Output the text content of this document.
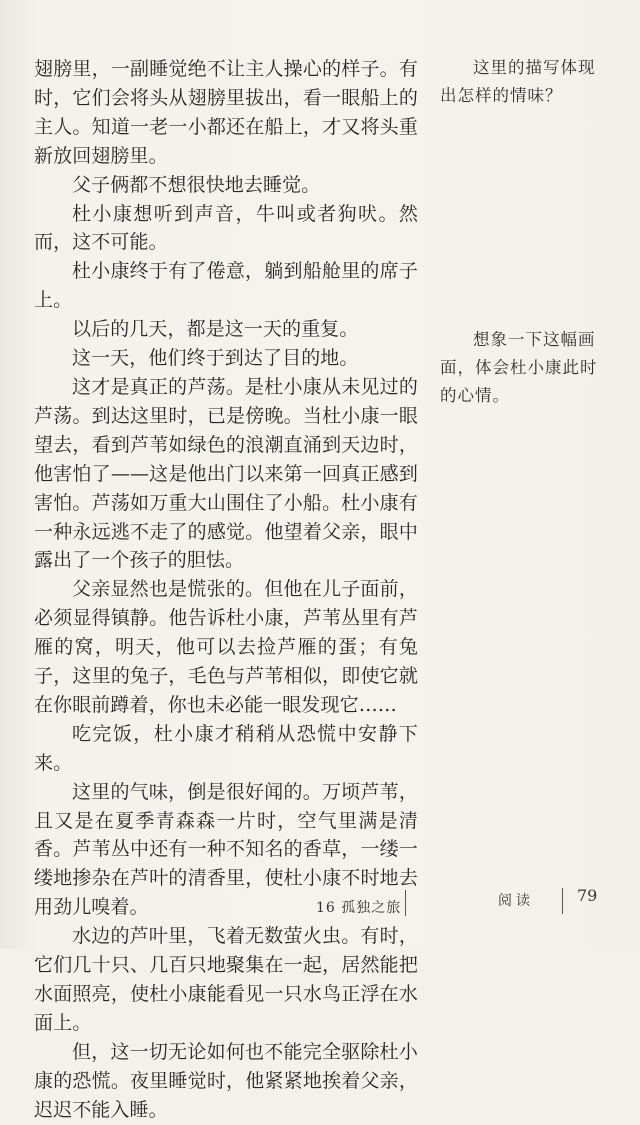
翅膀里，一副睡觉绝不让主人操心的样子。有时，它们会将头从翅膀里拔出，看一眼船上的主人。知道一老一小都还在船上，才又将头重新放回翅膀里。

父子俩都不想很快地去睡觉。

杜小康想听到声音，牛叫或者狗吠。然而，这不可能。

杜小康终于有了倦意，躺到船舱里的席子上。

以后的几天，都是这一天的重复。

这一天，他们终于到达了目的地。

这才是真正的芦荡。是杜小康从未见过的芦荡。到达这里时，已是傍晚。当杜小康一眼望去，看到芦苇如绿色的浪潮直涌到天边时，他害怕了——这是他出门以来第一回真正感到害怕。芦荡如万重大山围住了小船。杜小康有一种永远逃不走了的感觉。他望着父亲，眼中露出了一个孩子的胆怯。

父亲显然也是慌张的。但他在儿子面前，必须显得镇静。他告诉杜小康，芦苇丛里有芦雁的窝，明天，他可以去捡芦雁的蛋；有兔子，这里的兔子，毛色与芦苇相似，即使它就在你眼前蹲着，你也未必能一眼发现它……

吃完饭，杜小康才稍稍从恐慌中安静下来。

这里的气味，倒是很好闻的。万顷芦苇，且又是在夏季青森森一片时，空气里满是清香。芦苇丛中还有一种不知名的香草，一缕一缕地掺杂在芦叶的清香里，使杜小康不时地去用劲儿嗅着。

水边的芦叶里，飞着无数萤火虫。有时，它们几十只、几百只地聚集在一起，居然能把水面照亮，使杜小康能看见一只水鸟正浮在水面上。

但，这一切无论如何也不能完全驱除杜小康的恐慌。夜里睡觉时，他紧紧地挨着父亲，迟迟不能入睡。

这里的描写体现出怎样的情味？

想象一下这幅画面，体会杜小康此时的心情。

16 孤独之旅	阅读	79
